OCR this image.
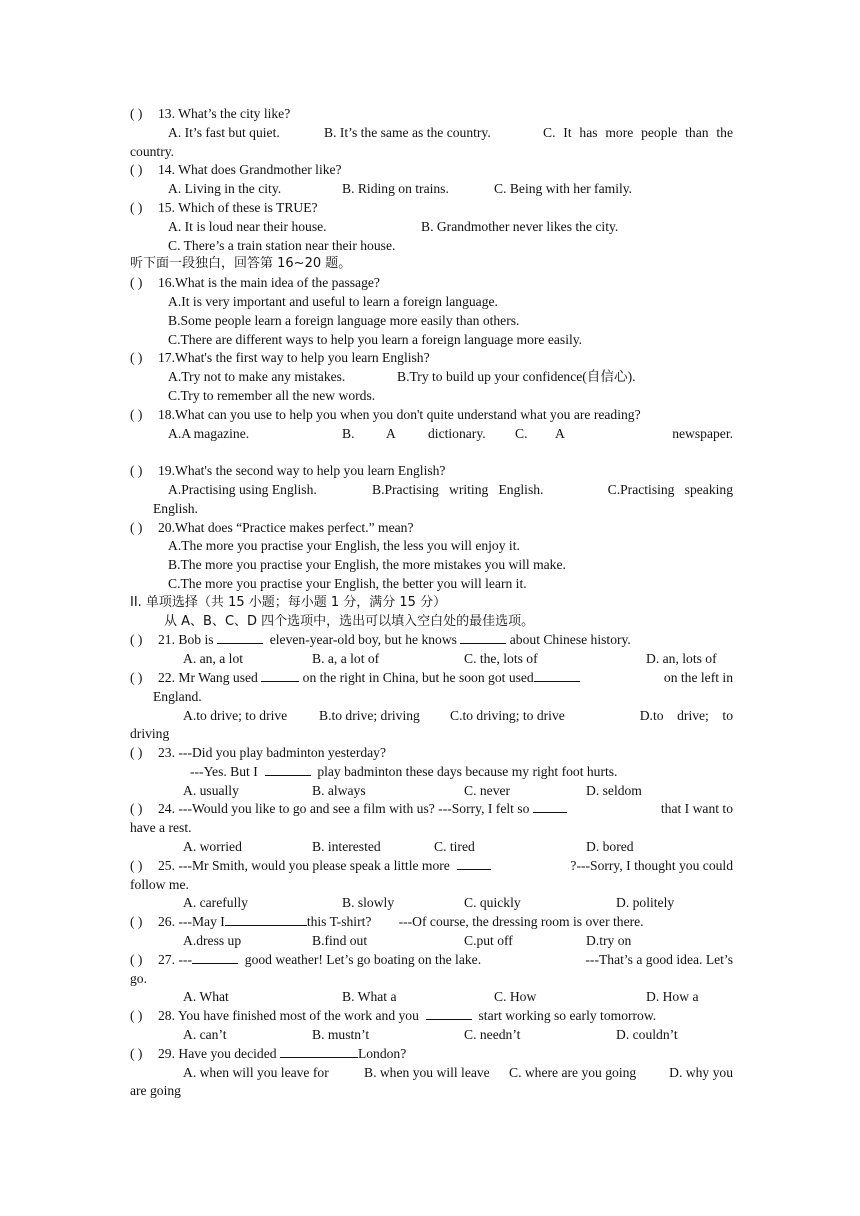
( ) 13. What’s the city like?
A. It’s fast but quiet.	B. It’s the same as the country.	C. It has more people than the
country.
( ) 14. What does Grandmother like?
A. Living in the city.	B. Riding on trains.	C. Being with her family.
( ) 15. Which of these is TRUE?
A. It is loud near their house.	B. Grandmother never likes the city.
C. There’s a train station near their house.
听下面一段独白，回答第 16~20 题。
( ) 16.What is the main idea of the passage?
A.It is very important and useful to learn a foreign language.
B.Some people learn a foreign language more easily than others.
C.There are different ways to help you learn a foreign language more easily.
( ) 17.What's the first way to help you learn English?
A.Try not to make any mistakes.	B.Try to build up your confidence(自信心).
C.Try to remember all the new words.
( ) 18.What can you use to help you when you don't quite understand what you are reading?
A.A magazine.	B.	A	dictionary.	C.	A	newspaper.
( ) 19.What's the second way to help you learn English?
A.Practising using English.	B.Practising   writing   English.	C.Practising   speaking
English.
( ) 20.What does “Practice makes perfect.” mean?
A.The more you practise your English, the less you will enjoy it.
B.The more you practise your English, the more mistakes you will make.
C.The more you practise your English, the better you will learn it.
II. 单项选择（共 15 小题；每小题 1 分，满分 15 分）
从 A、B、C、D 四个选项中，选出可以填入空白处的最佳选项。
( ) 21. Bob is	eleven-year-old boy, but he knows	about Chinese history.
A. an, a lot	B. a, a lot of	C. the, lots of	D. an, lots of
( )	22. Mr Wang used

	on the right in China, but he soon got used
	on the left in
England.
A.to drive; to drive	B.to drive; driving	C.to driving; to drive	D.to    drive;    to
driving
( ) 23. ---Did you play badminton yesterday?
---Yes. But I	play badminton these days because my right foot hurts.
A. usually	B. always	C. never	D. seldom
( )	24. ---Would you like to go and see a film with us? ---Sorry, I felt so

	that I want to
have a rest.
A. worried	B. interested	C. tired	D. bored
( )	25. ---Mr Smith, would you please speak a little more
	?---Sorry, I thought you could
follow me.
A. carefully	B. slowly	C. quickly	D. politely
( ) 26. ---May I	this T-shirt? ---Of course, the dressing room is over there.
A.dress up	B.find out	C.put off	D.try on
( )	27. ---
	good weather! Let’s go boating on the lake.	---That’s a good idea. Let’s
go.
A. What	B. What a	C. How	D. How a
( ) 28. You have finished most of the work and you	start working so early tomorrow.
A. can’t	B. mustn’t	C. needn’t	D. couldn’t
( ) 29. Have you decided	London?
A. when will you leave for	B. when you will leave	C. where are you going	D. why you
are going
